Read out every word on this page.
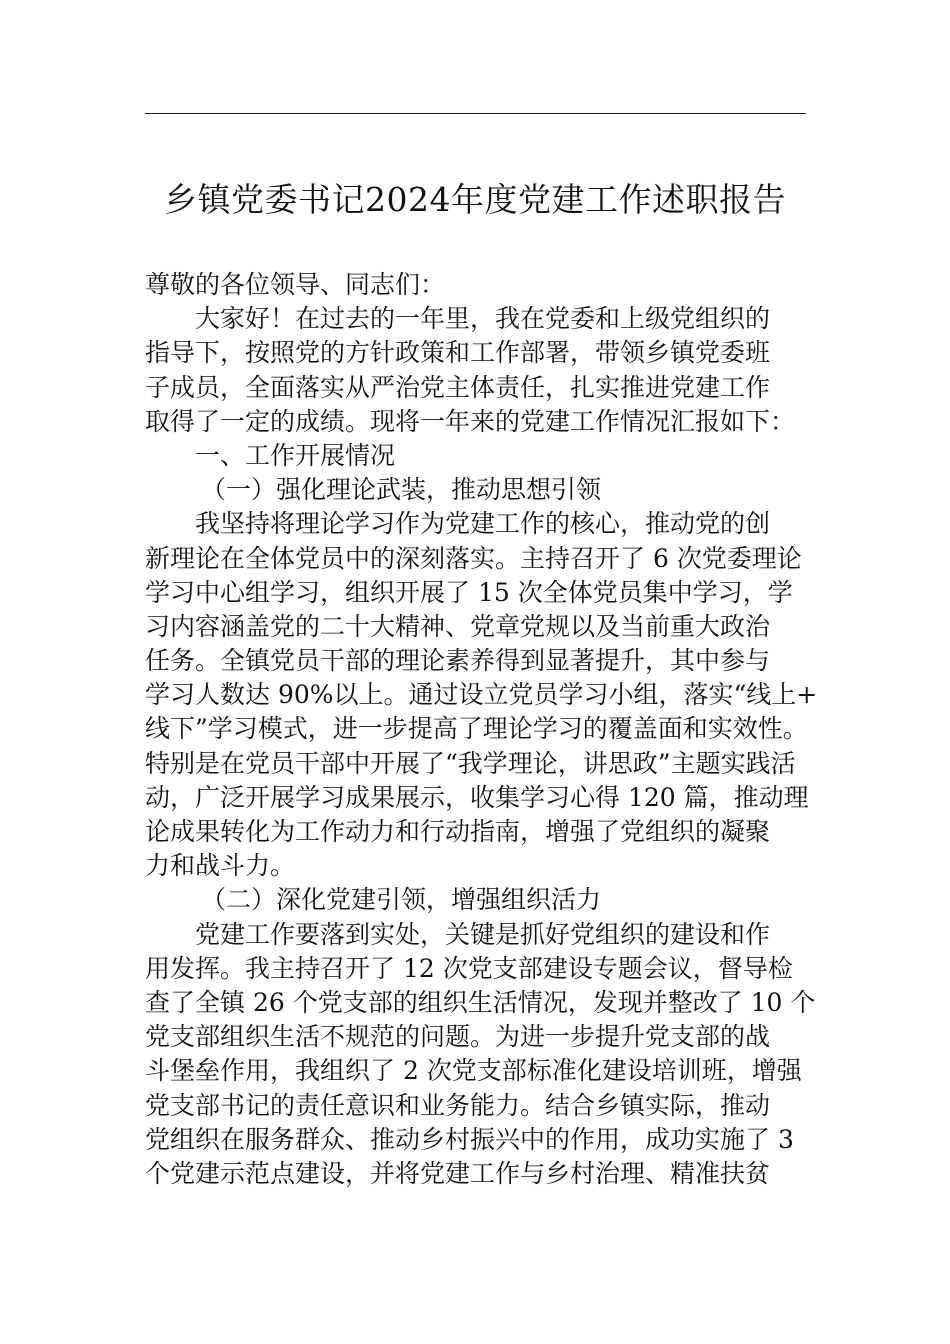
乡镇党委书记2024年度党建工作述职报告
尊敬的各位领导、同志们：
大家好！在过去的一年里，我在党委和上级党组织的
指导下，按照党的方针政策和工作部署，带领乡镇党委班
子成员，全面落实从严治党主体责任，扎实推进党建工作
取得了一定的成绩。现将一年来的党建工作情况汇报如下：
一、工作开展情况
（一）强化理论武装，推动思想引领
我坚持将理论学习作为党建工作的核心，推动党的创
新理论在全体党员中的深刻落实。主持召开了 6 次党委理论
学习中心组学习，组织开展了 15 次全体党员集中学习，学
习内容涵盖党的二十大精神、党章党规以及当前重大政治
任务。全镇党员干部的理论素养得到显著提升，其中参与
学习人数达 90%以上。通过设立党员学习小组，落实“线上+
线下”学习模式，进一步提高了理论学习的覆盖面和实效性。
特别是在党员干部中开展了“我学理论，讲思政”主题实践活
动，广泛开展学习成果展示，收集学习心得 120 篇，推动理
论成果转化为工作动力和行动指南，增强了党组织的凝聚
力和战斗力。
（二）深化党建引领，增强组织活力
党建工作要落到实处，关键是抓好党组织的建设和作
用发挥。我主持召开了 12 次党支部建设专题会议，督导检
查了全镇 26 个党支部的组织生活情况，发现并整改了 10 个
党支部组织生活不规范的问题。为进一步提升党支部的战
斗堡垒作用，我组织了 2 次党支部标准化建设培训班，增强
党支部书记的责任意识和业务能力。结合乡镇实际，推动
党组织在服务群众、推动乡村振兴中的作用，成功实施了 3
个党建示范点建设，并将党建工作与乡村治理、精准扶贫
